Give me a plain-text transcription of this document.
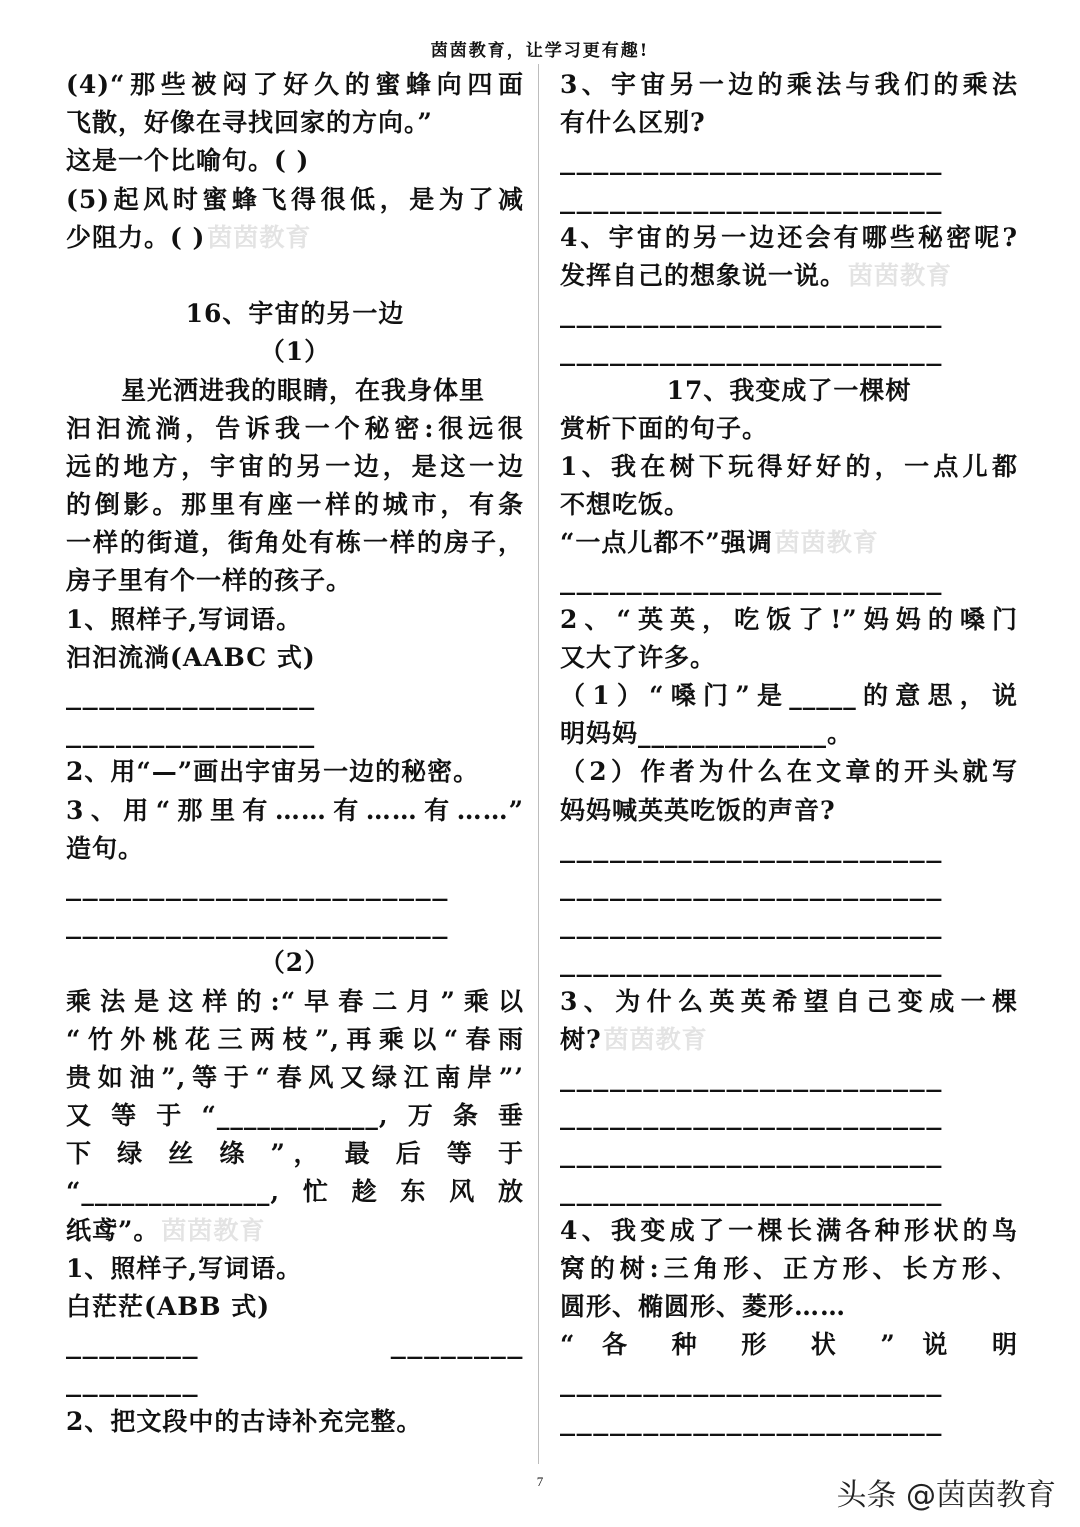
茵茵教育，让学习更有趣!
(4)“那些被闷了好久的蜜蜂向四面
飞散，好像在寻找回家的方向。”
这是一个比喻句。( )
(5)起风时蜜蜂飞得很低，是为了减
少阻力。( )茵茵教育
16、宇宙的另一边
（1）
星光洒进我的眼睛，在我身体里
汩汩流淌，告诉我一个秘密:很远很
远的地方，宇宙的另一边，是这一边
的倒影。那里有座一样的城市，有条
一样的街道，街角处有栋一样的房子，
房子里有个一样的孩子。
1、照样子,写词语。
汩汩流淌(AABC 式)
_______________
_______________
2、用“—”画出宇宙另一边的秘密。
3、用“那里有……有……有……”
造句。
_______________________
_______________________
（2）
乘法是这样的:“早春二月”乘以
“竹外桃花三两枝”,再乘以“春雨
贵如油”,等于“春风又绿江南岸”’
又等于“____________,万条垂
下 绿 丝 绦 ”， 最 后 等 于
“______________,忙趁东风放
纸鸢”。茵茵教育
1、照样子,写词语。
白茫茫(ABB 式)
________	________
________
2、把文段中的古诗补充完整。
3、宇宙另一边的乘法与我们的乘法
有什么区别?
_______________________
_______________________
4、宇宙的另一边还会有哪些秘密呢?
发挥自己的想象说一说。茵茵教育
_______________________
_______________________
17、我变成了一棵树
赏析下面的句子。
1、我在树下玩得好好的，一点儿都
不想吃饭。
“一点儿都不”强调茵茵教育
_______________________
2、“英英，吃饭了!”妈妈的嗓门
又大了许多。
（1）“嗓门”是_____的意思，说
明妈妈______________。
（2）作者为什么在文章的开头就写
妈妈喊英英吃饭的声音?
_______________________
_______________________
_______________________
_______________________
3、为什么英英希望自己变成一棵
树?茵茵教育
_______________________
_______________________
_______________________
_______________________
4、我变成了一棵长满各种形状的鸟
窝的树:三角形、正方形、长方形、
圆形、椭圆形、菱形……
“ 各 种 形 状 ” 说 明
_______________________
_______________________
7	头条 @茵茵教育
